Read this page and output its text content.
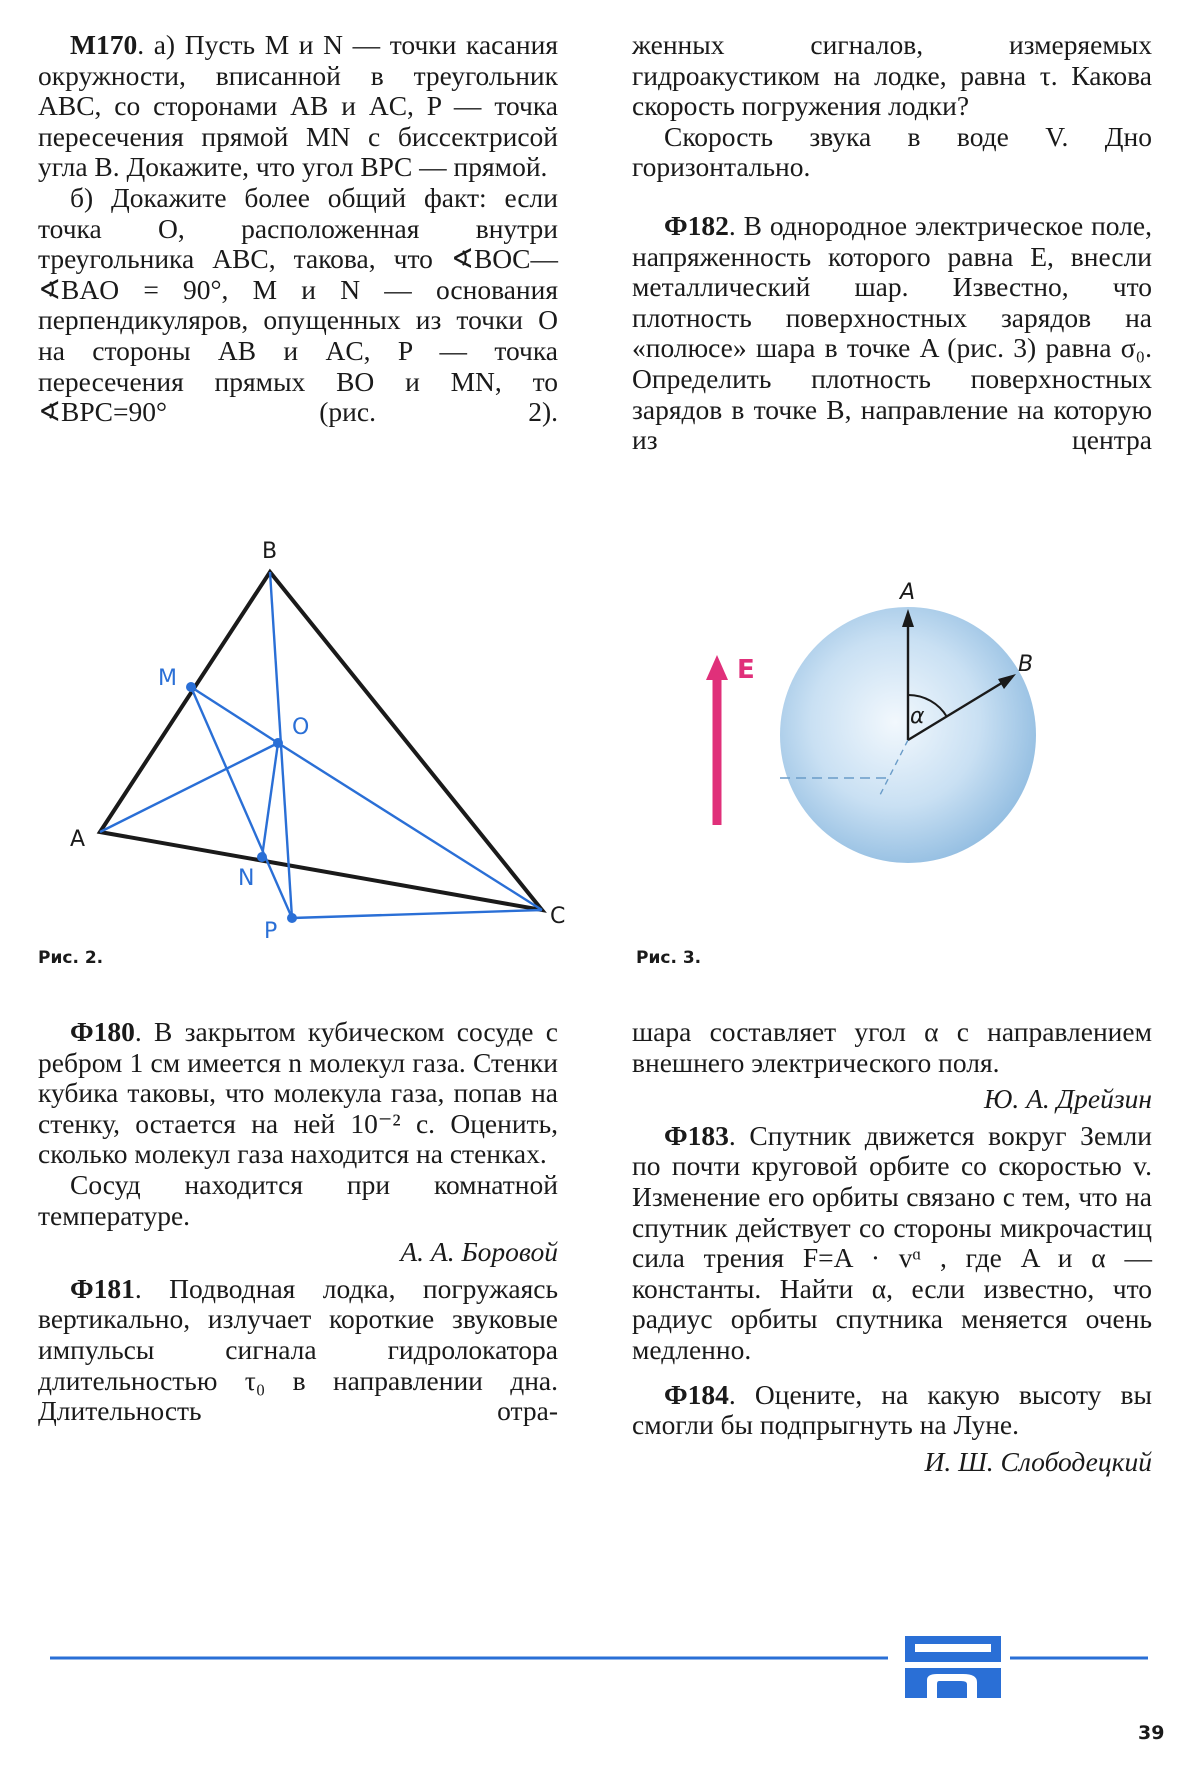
М170. а) Пусть M и N — точки касания окружности, вписанной в треугольник ABC, со сторонами AB и AC, P — точка пересечения прямой MN с биссектрисой угла B. Докажите, что угол BPC — прямой.

б) Докажите более общий факт: если точка O, расположенная внутри треугольника ABC, такова, что ∢BOC—∢BAO = 90°, M и N — основания перпендикуляров, опущенных из точки O на стороны AB и AC, P — точка пересечения прямых BO и MN, то ∢BPC=90° (рис. 2).

женных сигналов, измеряемых гидроакустиком на лодке, равна τ. Какова скорость погружения лодки?

Скорость звука в воде V. Дно горизонтально.

Ф182. В однородное электрическое поле, напряженность которого равна E, внесли металлический шар. Известно, что плотность поверхностных зарядов на «полюсе» шара в точке A (рис. 3) равна σ₀. Определить плотность поверхностных зарядов в точке B, направление на которую из центра

B
M
O
A
N
P
C
Рис. 2.
E
α
A
B
Рис. 3.

Ф180. В закрытом кубическом сосуде с ребром 1 см имеется n молекул газа. Стенки кубика таковы, что молекула газа, попав на стенку, остается на ней 10⁻² с. Оценить, сколько молекул газа находится на стенках.

Сосуд находится при комнатной температуре.

А. А. Боровой

Ф181. Подводная лодка, погружаясь вертикально, излучает короткие звуковые импульсы сигнала гидролокатора длительностью τ₀ в направлении дна. Длительность отра-

шара составляет угол α с направлением внешнего электрического поля.

Ю. А. Дрейзин

Ф183. Спутник движется вокруг Земли по почти круговой орбите со скоростью v. Изменение его орбиты связано с тем, что на спутник действует со стороны микрочастиц сила трения F=A · vᵅ , где A и α — константы. Найти α, если известно, что радиус орбиты спутника меняется очень медленно.

Ф184. Оцените, на какую высоту вы смогли бы подпрыгнуть на Луне.

И. Ш. Слободецкий

39
